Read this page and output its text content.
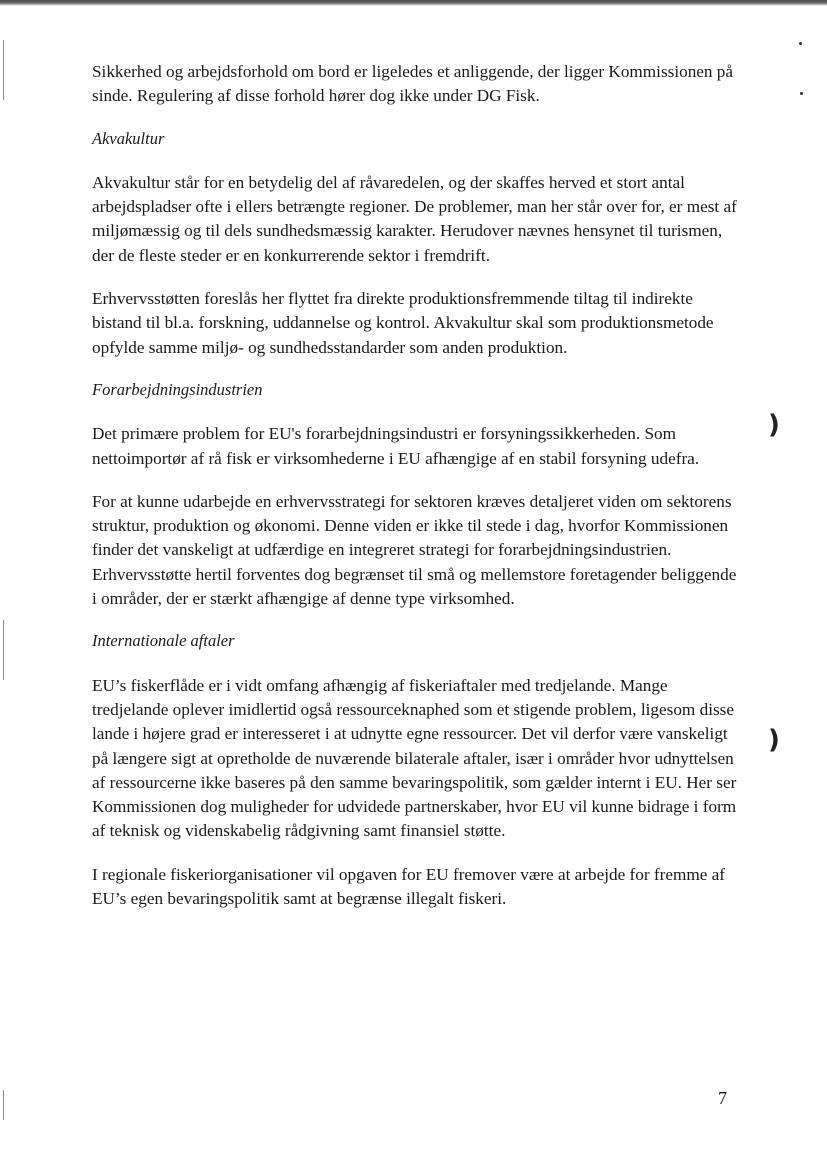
)
)

Sikkerhed og arbejdsforhold om bord er ligeledes et anliggende, der ligger Kommissionen på sinde. Regulering af disse forhold hører dog ikke under DG Fisk.

Akvakultur

Akvakultur står for en betydelig del af råvaredelen, og der skaffes herved et stort antal arbejdspladser ofte i ellers betrængte regioner. De problemer, man her står over for, er mest af miljømæssig og til dels sundhedsmæssig karakter. Herudover nævnes hensynet til turismen, der de fleste steder er en konkurrerende sektor i fremdrift.

Erhvervsstøtten foreslås her flyttet fra direkte produktionsfremmende tiltag til indirekte bistand til bl.a. forskning, uddannelse og kontrol. Akvakultur skal som produktionsmetode opfylde samme miljø- og sundhedsstandarder som anden produktion.

Forarbejdningsindustrien

Det primære problem for EU's forarbejdningsindustri er forsyningssikkerheden. Som nettoimportør af rå fisk er virksomhederne i EU afhængige af en stabil forsyning udefra.

For at kunne udarbejde en erhvervsstrategi for sektoren kræves detaljeret viden om sektorens struktur, produktion og økonomi. Denne viden er ikke til stede i dag, hvorfor Kommissionen finder det vanskeligt at udfærdige en integreret strategi for forarbejdningsindustrien. Erhvervsstøtte hertil forventes dog begrænset til små og mellemstore foretagender beliggende i områder, der er stærkt afhængige af denne type virksomhed.

Internationale aftaler

EU’s fiskerflåde er i vidt omfang afhængig af fiskeriaftaler med tredjelande. Mange tredjelande oplever imidlertid også ressourceknaphed som et stigende problem, ligesom disse lande i højere grad er interesseret i at udnytte egne ressourcer. Det vil derfor være vanskeligt på længere sigt at opretholde de nuværende bilaterale aftaler, især i områder hvor udnyttelsen af ressourcerne ikke baseres på den samme bevaringspolitik, som gælder internt i EU. Her ser Kommissionen dog muligheder for udvidede partnerskaber, hvor EU vil kunne bidrage i form af teknisk og videnskabelig rådgivning samt finansiel støtte.

I regionale fiskeriorganisationer vil opgaven for EU fremover være at arbejde for fremme af EU’s egen bevaringspolitik samt at begrænse illegalt fiskeri.

7
